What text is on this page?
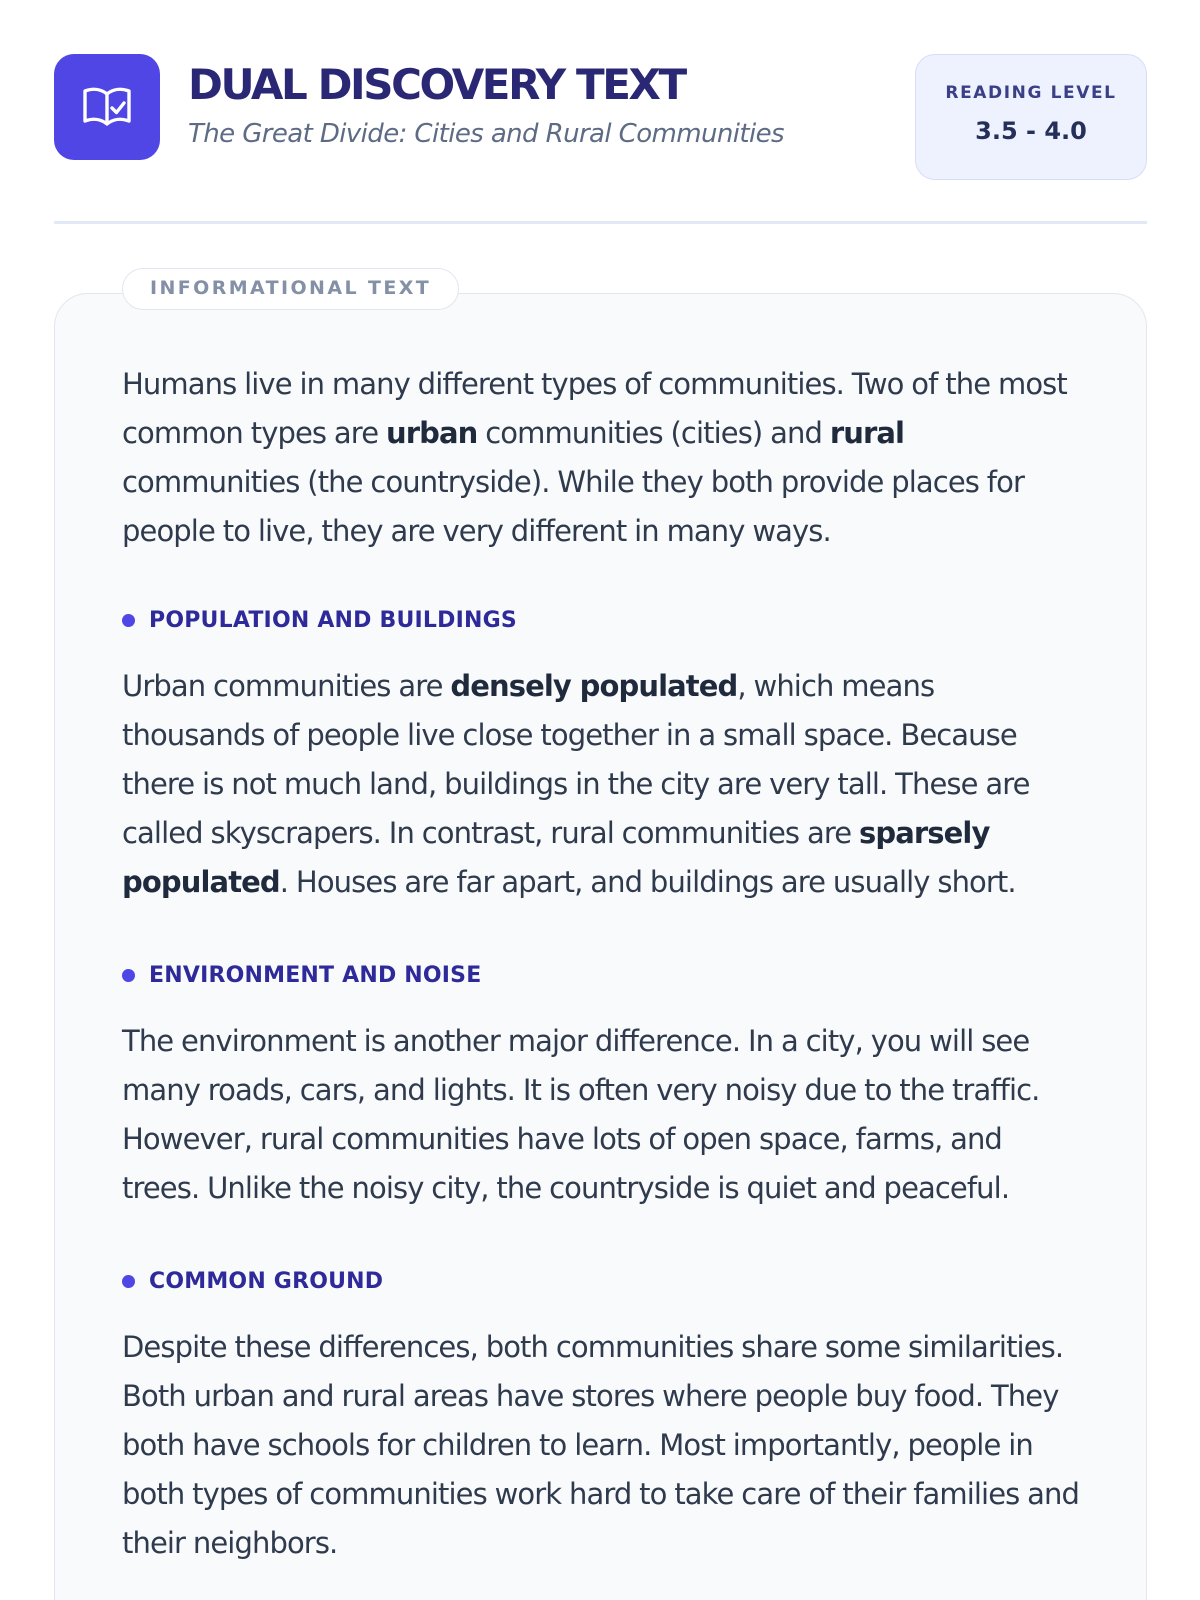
DUAL DISCOVERY TEXT
The Great Divide: Cities and Rural Communities
READING LEVEL
3.5 - 4.0
INFORMATIONAL TEXT

Humans live in many different types of communities. Two of the most common types are urban communities (cities) and rural communities (the countryside). While they both provide places for people to live, they are very different in many ways.

POPULATION AND BUILDINGS

Urban communities are densely populated, which means thousands of people live close together in a small space. Because there is not much land, buildings in the city are very tall. These are called skyscrapers. In contrast, rural communities are sparsely populated. Houses are far apart, and buildings are usually short.

ENVIRONMENT AND NOISE

The environment is another major difference. In a city, you will see many roads, cars, and lights. It is often very noisy due to the traffic. However, rural communities have lots of open space, farms, and trees. Unlike the noisy city, the countryside is quiet and peaceful.

COMMON GROUND

Despite these differences, both communities share some similarities. Both urban and rural areas have stores where people buy food. They both have schools for children to learn. Most importantly, people in both types of communities work hard to take care of their families and their neighbors.
